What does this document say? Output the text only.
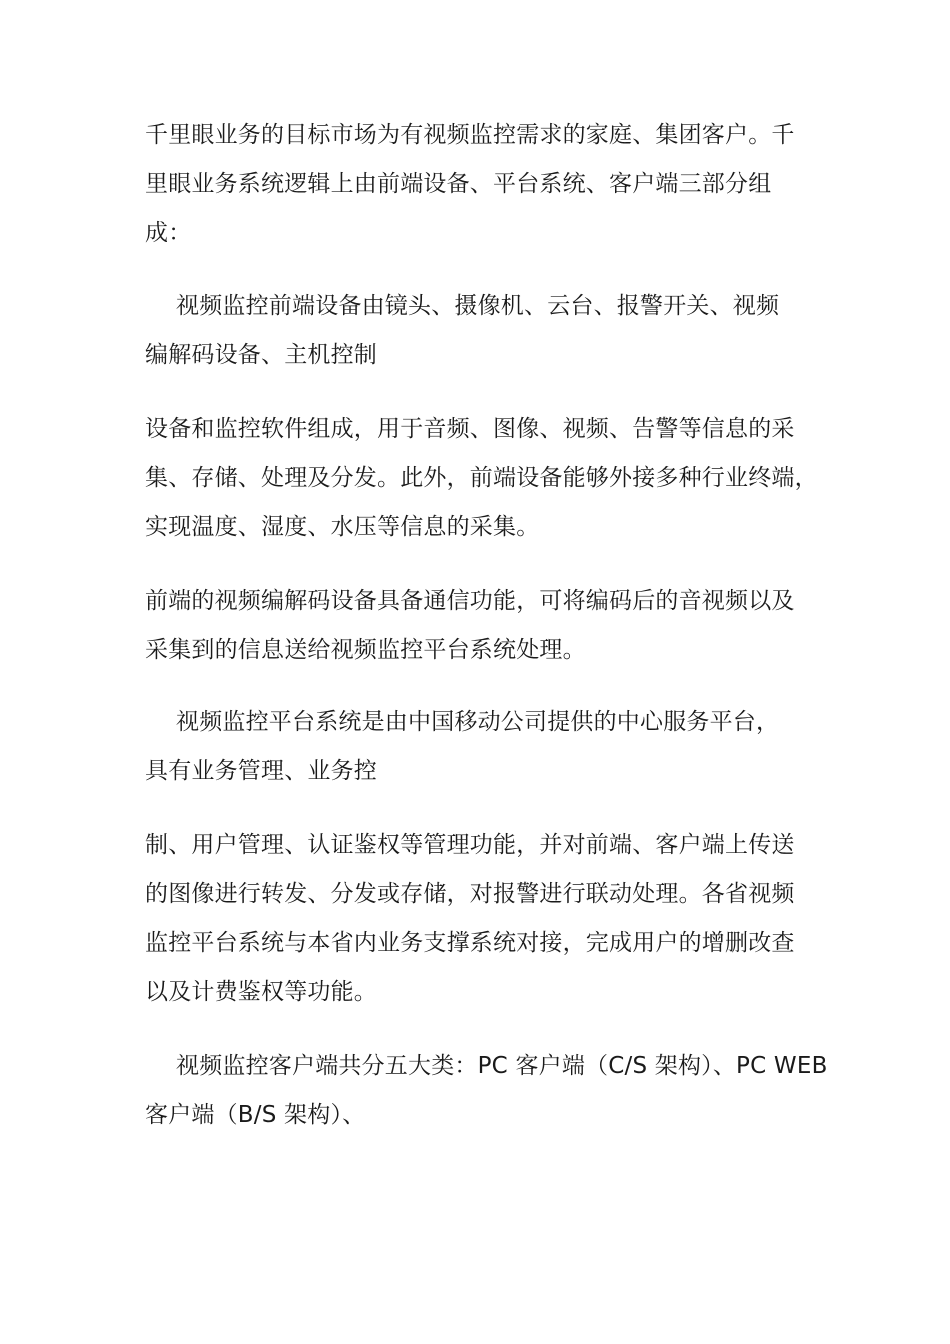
千里眼业务的目标市场为有视频监控需求的家庭、集团客户。千
里眼业务系统逻辑上由前端设备、平台系统、客户端三部分组
成：

视频监控前端设备由镜头、摄像机、云台、报警开关、视频
编解码设备、主机控制

设备和监控软件组成，用于音频、图像、视频、告警等信息的采
集、存储、处理及分发。此外，前端设备能够外接多种行业终端，
实现温度、湿度、水压等信息的采集。

前端的视频编解码设备具备通信功能，可将编码后的音视频以及
采集到的信息送给视频监控平台系统处理。

视频监控平台系统是由中国移动公司提供的中心服务平台，
具有业务管理、业务控

制、用户管理、认证鉴权等管理功能，并对前端、客户端上传送
的图像进行转发、分发或存储，对报警进行联动处理。各省视频
监控平台系统与本省内业务支撑系统对接，完成用户的增删改查
以及计费鉴权等功能。

视频监控客户端共分五大类：PC 客户端（C/S 架构）、PC WEB
客户端（B/S 架构）、
